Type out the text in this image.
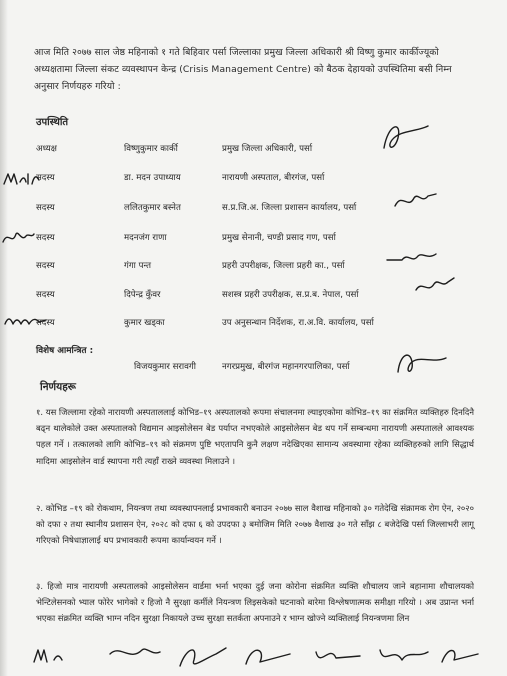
आज मिति २०७७ साल जेष्ठ महिनाको १ गते बिहिवार पर्सा जिल्लाका प्रमुख जिल्ला अधिकारी श्री विष्णु कुमार कार्कीज्यूको अध्यक्षतामा जिल्ला संकट व्यवस्थापन केन्द्र (Crisis Management Centre) को बैठक देहायको उपस्थितिमा बसी निम्न अनुसार निर्णयहरु गरियो :
उपस्थिति
अध्यक्ष	विष्णुकुमार कार्की	प्रमुख जिल्ला अधिकारी, पर्सा
सदस्य	डा. मदन उपाध्याय	नारायणी अस्पताल, बीरगंज, पर्सा
सदस्य	ललितकुमार बस्नेत	स.प्र.जि.अ. जिल्ला प्रशासन कार्यालय, पर्सा
सदस्य	मदनजंग राणा	प्रमुख सेनानी, चण्डी प्रसाद गण, पर्सा
सदस्य	गंगा पन्त	प्रहरी उपरीक्षक, जिल्ला प्रहरी का., पर्सा
सदस्य	दिपेन्द्र कुँवर	सशस्त्र प्रहरी उपरीक्षक, स.प्र.ब. नेपाल, पर्सा
सदस्य	कुमार खड्का	उप अनुसन्धान निर्देशक, रा.अ.वि. कार्यालय, पर्सा
विशेष आमन्त्रित :
विजयकुमार सरावगी	नगरप्रमुख, बीरगंज महानगरपालिका, पर्सा
निर्णयहरू
१. यस जिल्लामा रहेको नारायणी अस्पताललाई कोभिड–१९ अस्पतालको रूपमा संचालनमा ल्याइएकोमा कोभिड–१९ का संक्रमित व्यक्तिहरु दिनदिनै बढ्न थालेकोले उक्त अस्पतालको विद्यमान आइसोलेसन बेड पर्याप्त नभएकोले आइसोलेसन बेड थप गर्ने सम्बन्धमा नारायणी अस्पतालले आवश्यक पहल गर्ने । तत्कालको लागि कोभिड–१९ को संक्रमण पुष्टि भएतापनि कुनै लक्षण नदेखिएका सामान्य अवस्थामा रहेका व्यक्तिहरुको लागि सिद्धार्थ मादिमा आइसोलेन वार्ड स्थापना गरी त्यहाँ राख्ने व्यवस्था मिलाउने ।
२. कोभिड –१९ को रोकथाम, नियन्त्रण तथा व्यवस्थापनलाई प्रभावकारी बनाउन २०७७ साल वैशाख महिनाको ३० गतेदेखि संक्रामक रोग ऐन, २०२० को दफा २ तथा स्थानीय प्रशासन ऐन, २०२८ को दफा ६ को उपदफा ३ बमोजिम मिति २०७७ वैशाख ३० गते साँझ ८ बजेदेखि पर्सा जिल्लाभरी लागू गरिएको निषेधाज्ञालाई थप प्रभावकारी रूपमा कार्यान्वयन गर्ने ।
३. हिजो मात्र नारायणी अस्पतालको आइसोलेसन वार्डमा भर्ना भएका दुई जना कोरोना संक्रमित व्यक्ति शौचालय जाने बहानामा शौचालयको भेन्टिलेसनको भ्याल फोरेर भागेको र हिजो नै सुरक्षा कर्मीले नियन्त्रण लिइसकेको घटनाको बारेमा विश्लेषणात्मक समीक्षा गरियो । अब उप्रान्त भर्ना भएका संक्रमित व्यक्ति भाग्न नदिन सुरक्षा निकायले उच्च सुरक्षा सतर्कता अपनाउने र भाग्न खोज्ने व्यक्तिलाई नियन्त्रणमा लिन
